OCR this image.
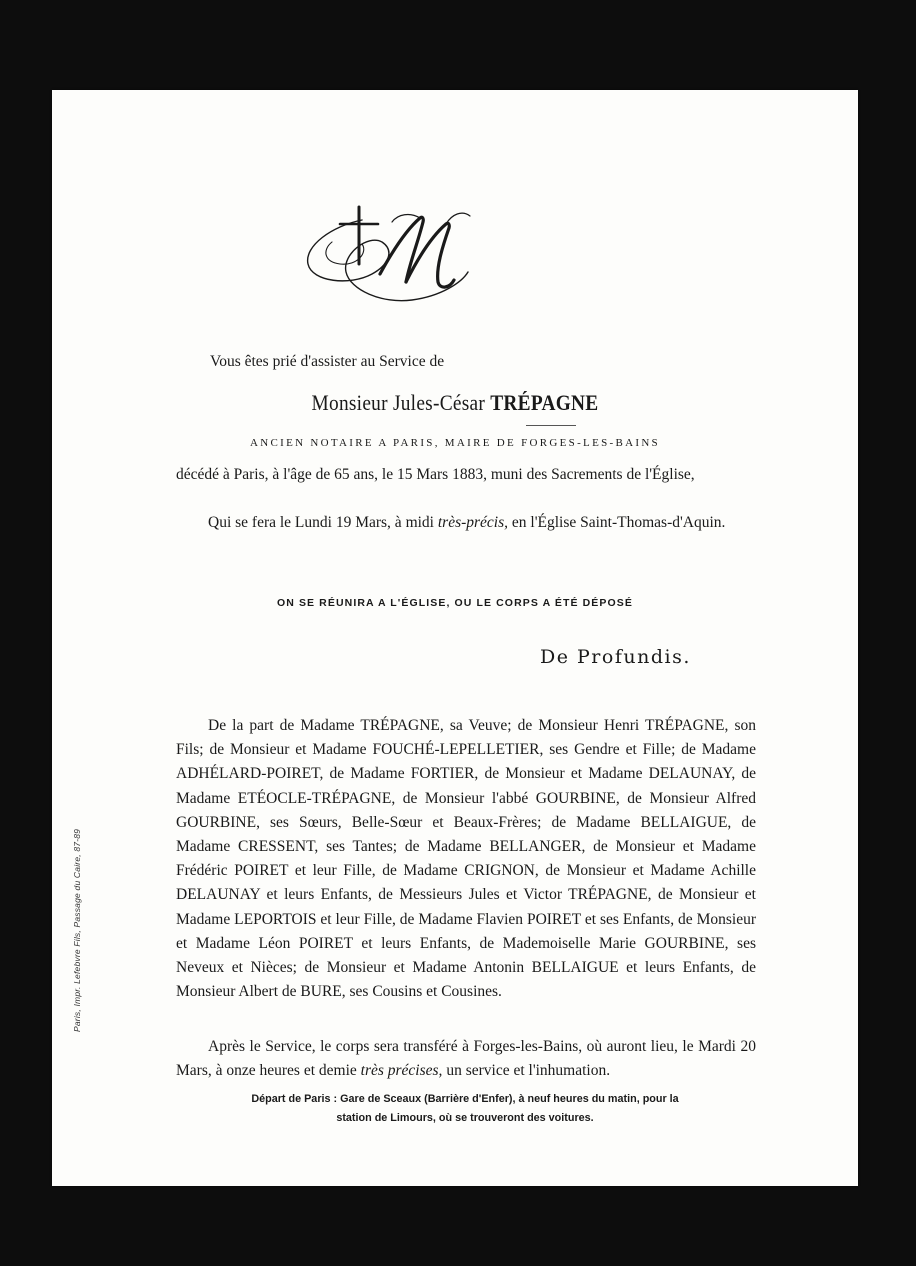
Paris, Impr. Lefebvre Fils, Passage du Caire, 87-89
Vous êtes prié d'assister au Service de
Monsieur Jules-César TRÉPAGNE
ANCIEN NOTAIRE A PARIS, MAIRE DE FORGES-LES-BAINS
décédé à Paris, à l'âge de 65 ans, le 15 Mars 1883, muni des Sacrements de l'Église,
Qui se fera le Lundi 19 Mars, à midi très-précis, en l'Église Saint-Thomas-d'Aquin.
ON SE RÉUNIRA A L'ÉGLISE, OU LE CORPS A ÉTÉ DÉPOSÉ
De Profundis.
De la part de Madame TRÉPAGNE, sa Veuve; de Monsieur Henri TRÉPAGNE, son Fils; de Monsieur et Madame FOUCHÉ-LEPELLETIER, ses Gendre et Fille; de Madame ADHÉLARD-POIRET, de Madame FORTIER, de Monsieur et Madame DELAUNAY, de Madame ETÉOCLE-TRÉPAGNE, de Monsieur l'abbé GOURBINE, de Monsieur Alfred GOURBINE, ses Sœurs, Belle-Sœur et Beaux-Frères; de Madame BELLAIGUE, de Madame CRESSENT, ses Tantes; de Madame BELLANGER, de Monsieur et Madame Frédéric POIRET et leur Fille, de Madame CRIGNON, de Monsieur et Madame Achille DELAUNAY et leurs Enfants, de Messieurs Jules et Victor TRÉPAGNE, de Monsieur et Madame LEPORTOIS et leur Fille, de Madame Flavien POIRET et ses Enfants, de Monsieur et Madame Léon POIRET et leurs Enfants, de Mademoiselle Marie GOURBINE, ses Neveux et Nièces; de Monsieur et Madame Antonin BELLAIGUE et leurs Enfants, de Monsieur Albert de BURE, ses Cousins et Cousines.
Après le Service, le corps sera transféré à Forges-les-Bains, où auront lieu, le Mardi 20 Mars, à onze heures et demie très précises, un service et l'inhumation.
Départ de Paris : Gare de Sceaux (Barrière d'Enfer), à neuf heures du matin, pour la
station de Limours, où se trouveront des voitures.
